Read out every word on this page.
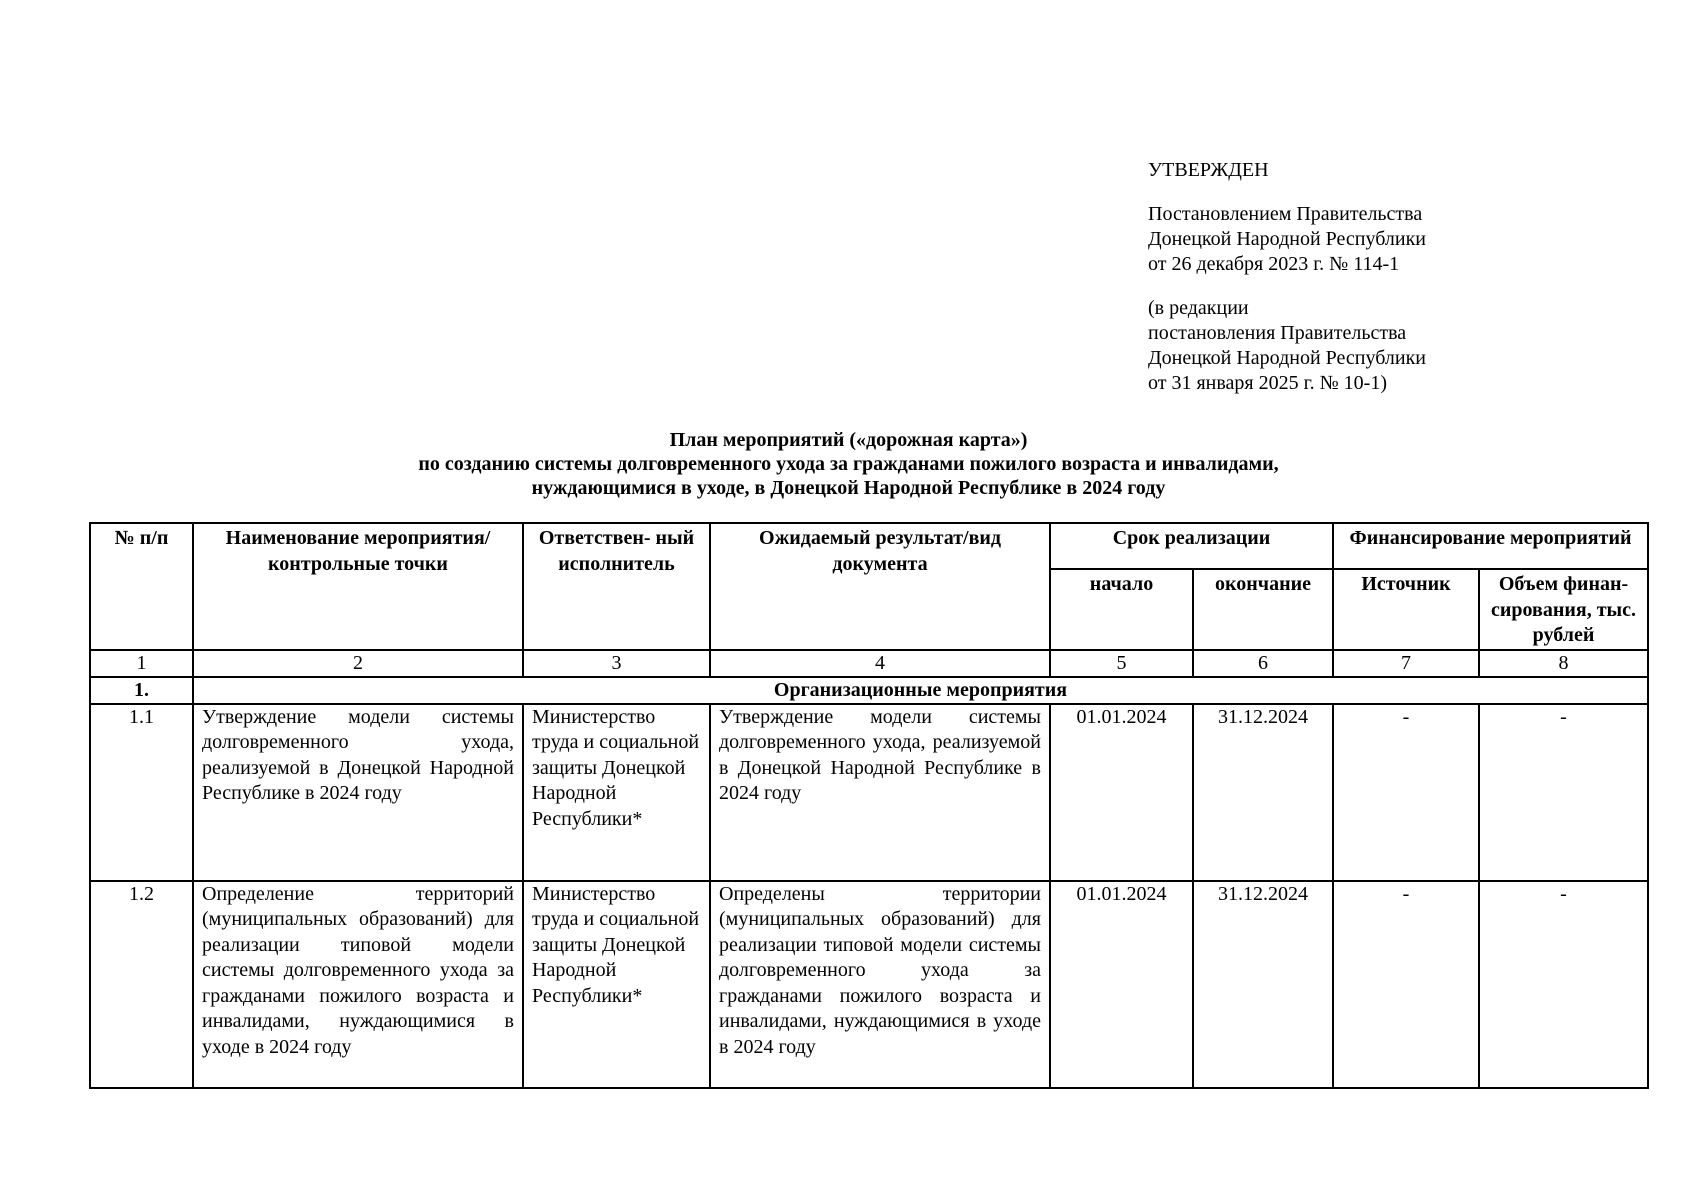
УТВЕРЖДЕН
Постановлением Правительства
Донецкой Народной Республики
от 26 декабря 2023 г. № 114-1
(в редакции
постановления Правительства
Донецкой Народной Республики
от 31 января 2025 г. № 10-1)
План мероприятий («дорожная карта»)
по созданию системы долговременного ухода за гражданами пожилого возраста и инвалидами,
нуждающимися в уходе, в Донецкой Народной Республике в 2024 году
№ п/п	Наименование мероприятия/ контрольные точки	Ответствен- ный исполнитель	Ожидаемый результат/вид документа	Срок реализации		Финансирование мероприятий	
				начало	окончание	Источник	Объем финан- сирования, тыс. рублей
1	2	3	4	5	6	7	8
1.	Организационные мероприятия						
1.1	Утверждение модели системы долговременного ухода, реализуемой в Донецкой Народной Республике в 2024 году	Министерство труда и социальной защиты Донецкой Народной Республики*	Утверждение модели системы долговременного ухода, реализуемой в Донецкой Народной Республике в 2024 году	01.01.2024	31.12.2024	-	-
1.2	Определение территорий (муниципальных образований) для реализации типовой модели системы долговременного ухода за гражданами пожилого возраста и инвалидами, нуждающимися в уходе в 2024 году	Министерство труда и социальной защиты Донецкой Народной Республики*	Определены территории (муниципальных образований) для реализации типовой модели системы долговременного ухода за гражданами пожилого возраста и инвалидами, нуждающимися в уходе в 2024 году	01.01.2024	31.12.2024	-	-
